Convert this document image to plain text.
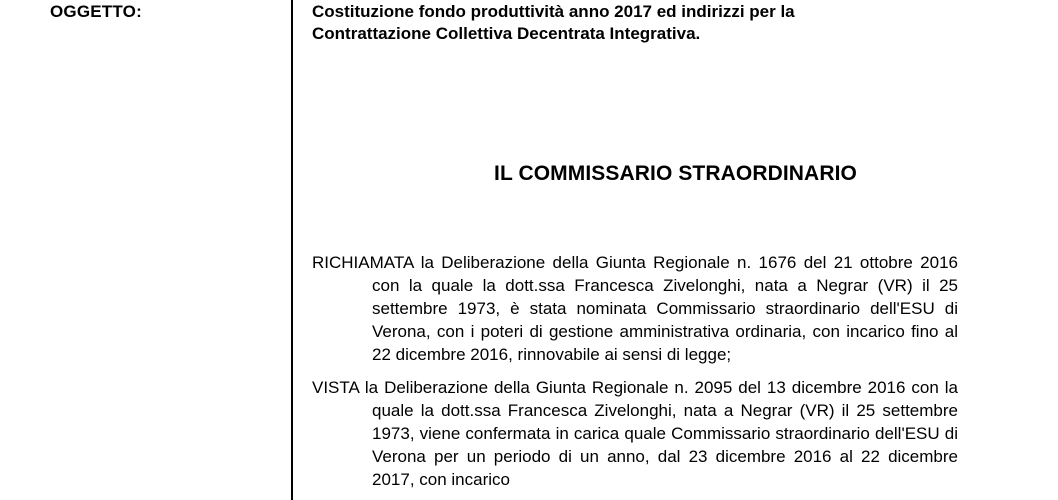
OGGETTO:	Costituzione fondo produttività anno 2017 ed indirizzi per la
Contrattazione Collettiva Decentrata Integrativa.

IL COMMISSARIO STRAORDINARIO

RICHIAMATA la Deliberazione della Giunta Regionale n. 1676 del 21 ottobre 2016 con la quale la dott.ssa Francesca Zivelonghi, nata a Negrar (VR) il 25 settembre 1973, è stata nominata Commissario straordinario dell'ESU di Verona, con i poteri di gestione amministrativa ordinaria, con incarico fino al 22 dicembre 2016, rinnovabile ai sensi di legge;

VISTA la Deliberazione della Giunta Regionale n. 2095 del 13 dicembre 2016 con la quale la dott.ssa Francesca Zivelonghi, nata a Negrar (VR) il 25 settembre 1973, viene confermata in carica quale Commissario straordinario dell'ESU di Verona per un periodo di un anno, dal 23 dicembre 2016 al 22 dicembre 2017, con incarico
